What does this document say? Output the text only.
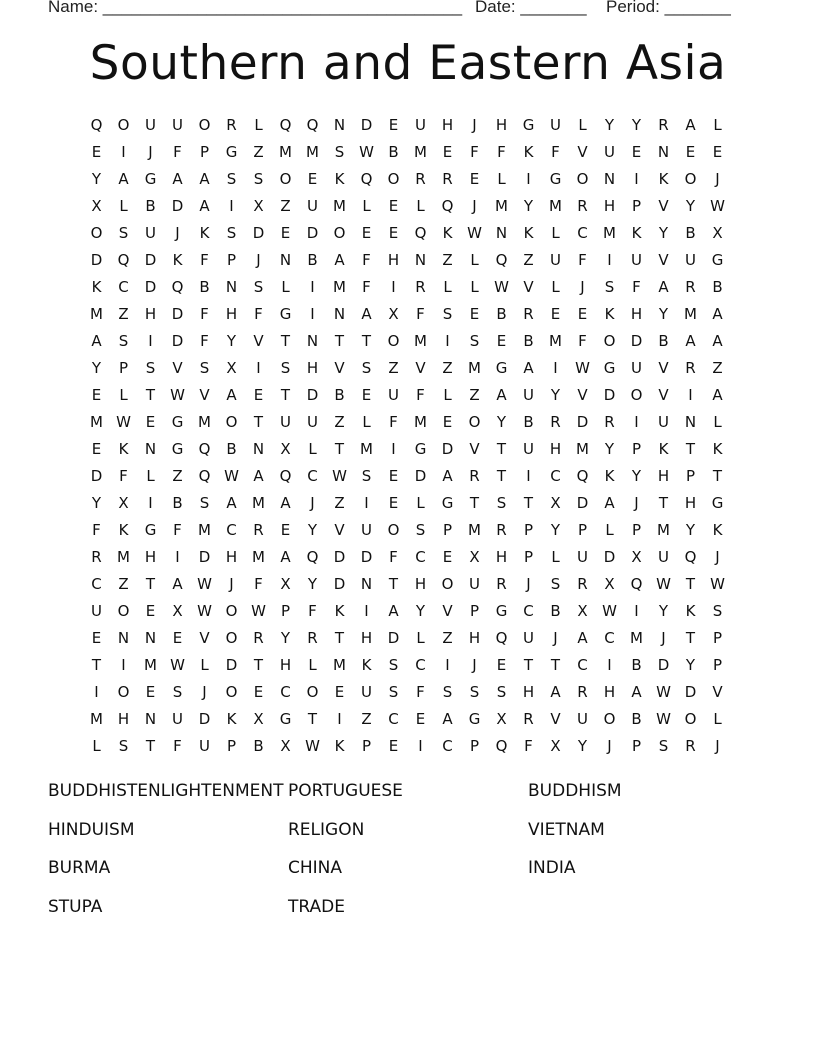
Name: ______________________________________ Date: _______ Period: _______
Southern and Eastern Asia
Q	O	U	U	O	R	L	Q	Q	N	D	E	U	H	J	H	G	U	L	Y	Y	R	A	L
E	I	J	F	P	G	Z	M M	S W B	M	E	F	F	K	F	V	U	E	N	E	E
Y	A	G	A	A	S	S	O	E	K	Q	O	R	R	E	L	I	G	O	N	I	K	O	J
X	L	B	D	A	I	X	Z	U	M	L	E	L	Q	J	M	Y	M	R	H	P	V	Y	W
O	S	U	J	K	S	D	E	D	O	E	E	Q	K W N	K	L	C	M	K	Y	B	X
D	Q	D	K	F	P	J	N	B	A	F	H	N	Z	L	Q	Z	U	F	I	U	V	U	G
K	C	D	Q	B	N	S	L	I	M	F	I	R	L	L	W V	L	J	S	F	A	R	B
M	Z	H	D	F	H	F	G	I	N	A	X	F	S	E	B	R	E	E	K	H	Y	M	A
A	S	I	D	F	Y	V	T	N	T	T	O M	I	S	E	B	M	F	O	D	B	A	A
Y	P	S	V	S	X	I	S	H	V	S	Z	V	Z	M G	A	I	W G	U	V	R	Z
E	L	T	W V	A	E	T	D	B	E	U	F	L	Z	A	U	Y	V	D	O	V	I	A
M W E	G M O	T	U	U	Z	L	F	M	E	O	Y	B	R	D	R	I	U	N	L
E	K	N	G	Q	B	N	X	L	T	M	I	G	D	V	T	U	H M	Y	P	K	T	K
D	F	L	Z	Q W A	Q	C W S	E	D	A	R	T	I	C	Q	K	Y	H	P	T
Y	X	I	B	S	A	M	A	J	Z	I	E	L	G	T	S	T	X	D	A	J	T	H	G
F	K	G	F	M	C	R	E	Y	V	U	O	S	P	M	R	P	Y	P	L	P	M	Y	K
R	M H	I	D	H M	A	Q	D	D	F	C	E	X	H	P	L	U	D	X	U	Q	J
C	Z	T	A W	J	F	X	Y	D	N	T	H	O	U	R	J	S	R	X	Q W T	W
U	O	E	X W O W	P	F	K	I	A	Y	V	P	G	C	B	X W	I	Y	K	S
E	N	N	E	V	O	R	Y	R	T	H	D	L	Z	H	Q	U	J	A	C	M	J	T	P
T	I	M W	L	D	T	H	L	M	K	S	C	I	J	E	T	T	C	I	B	D	Y	P
I	O	E	S	J	O	E	C	O	E	U	S	F	S	S	S	H	A	R	H	A W D	V
M H	N	U	D	K	X	G	T	I	Z	C	E	A	G	X	R	V	U	O	B W O	L
L	S	T	F	U	P	B	X W K	P	E	I	C	P	Q	F	X	Y	J	P	S	R	J
BUDDHISTENLIGHTENMENT PORTUGUESE	BUDDHISM
HINDUISM	RELIGON	VIETNAM
BURMA	CHINA	INDIA
STUPA	TRADE
